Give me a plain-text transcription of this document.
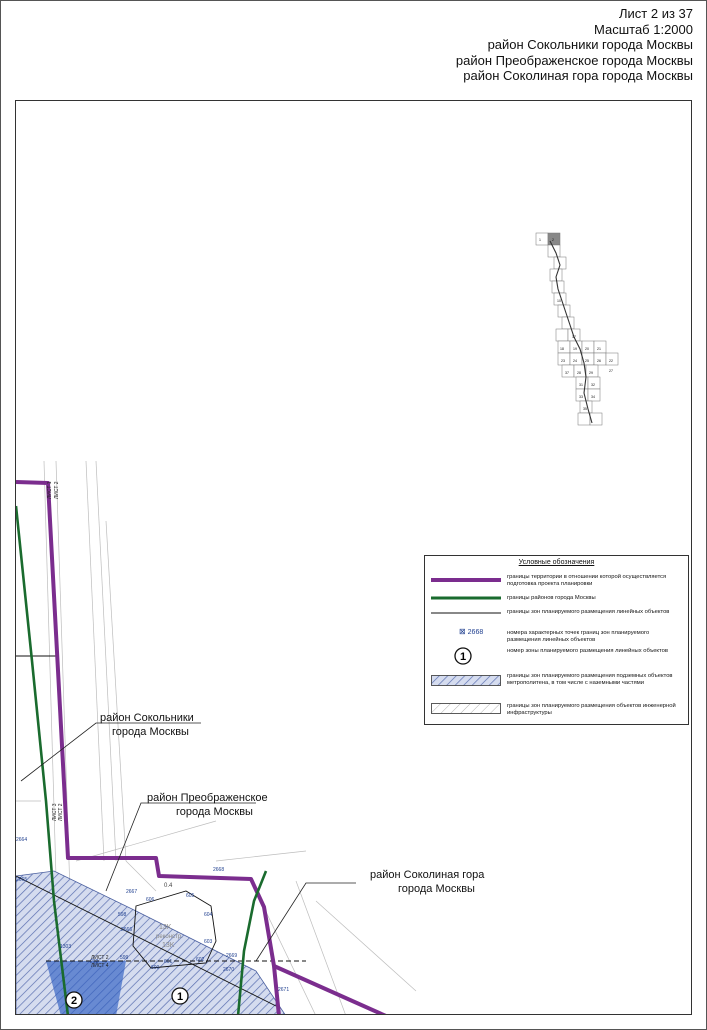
Лист 2 из 37
Масштаб 1:2000
район Сокольники города Москвы
район Преображенское города Москвы
район Соколиная гора города Москвы
ЛИСТ 1 ЛИСТ 2
ЛИСТ 3 ЛИСТ 2
ЛИСТ 2
ЛИСТ 4
13K
реконстр.
13K
0.4
2667
606
605
2668
598
2666
604
603
599	602
2669
2670
2671
2665
2664
1303
202	601
600
1
2
район Сокольники
города Москвы
район Преображенское
города Москвы
район Соколиная гора
города Москвы
1	2
10
17
18	19 20 21
22
23 24 25 26
27
28 29
31 32
33 34
35
37
Условные обозначения
границы территории в отношении которой осуществляется подготовка проекта планировки
границы районов города Москвы
границы зон планируемого размещения линейных объектов
⊠ 2668	номера характерных точек границ зон планируемого размещения линейных объектов
1	номер зоны планируемого размещения линейных объектов
границы зон планируемого размещения подземных объектов метрополитена, в том числе с наземными частями
границы зон планируемого размещения объектов инженерной инфраструктуры
